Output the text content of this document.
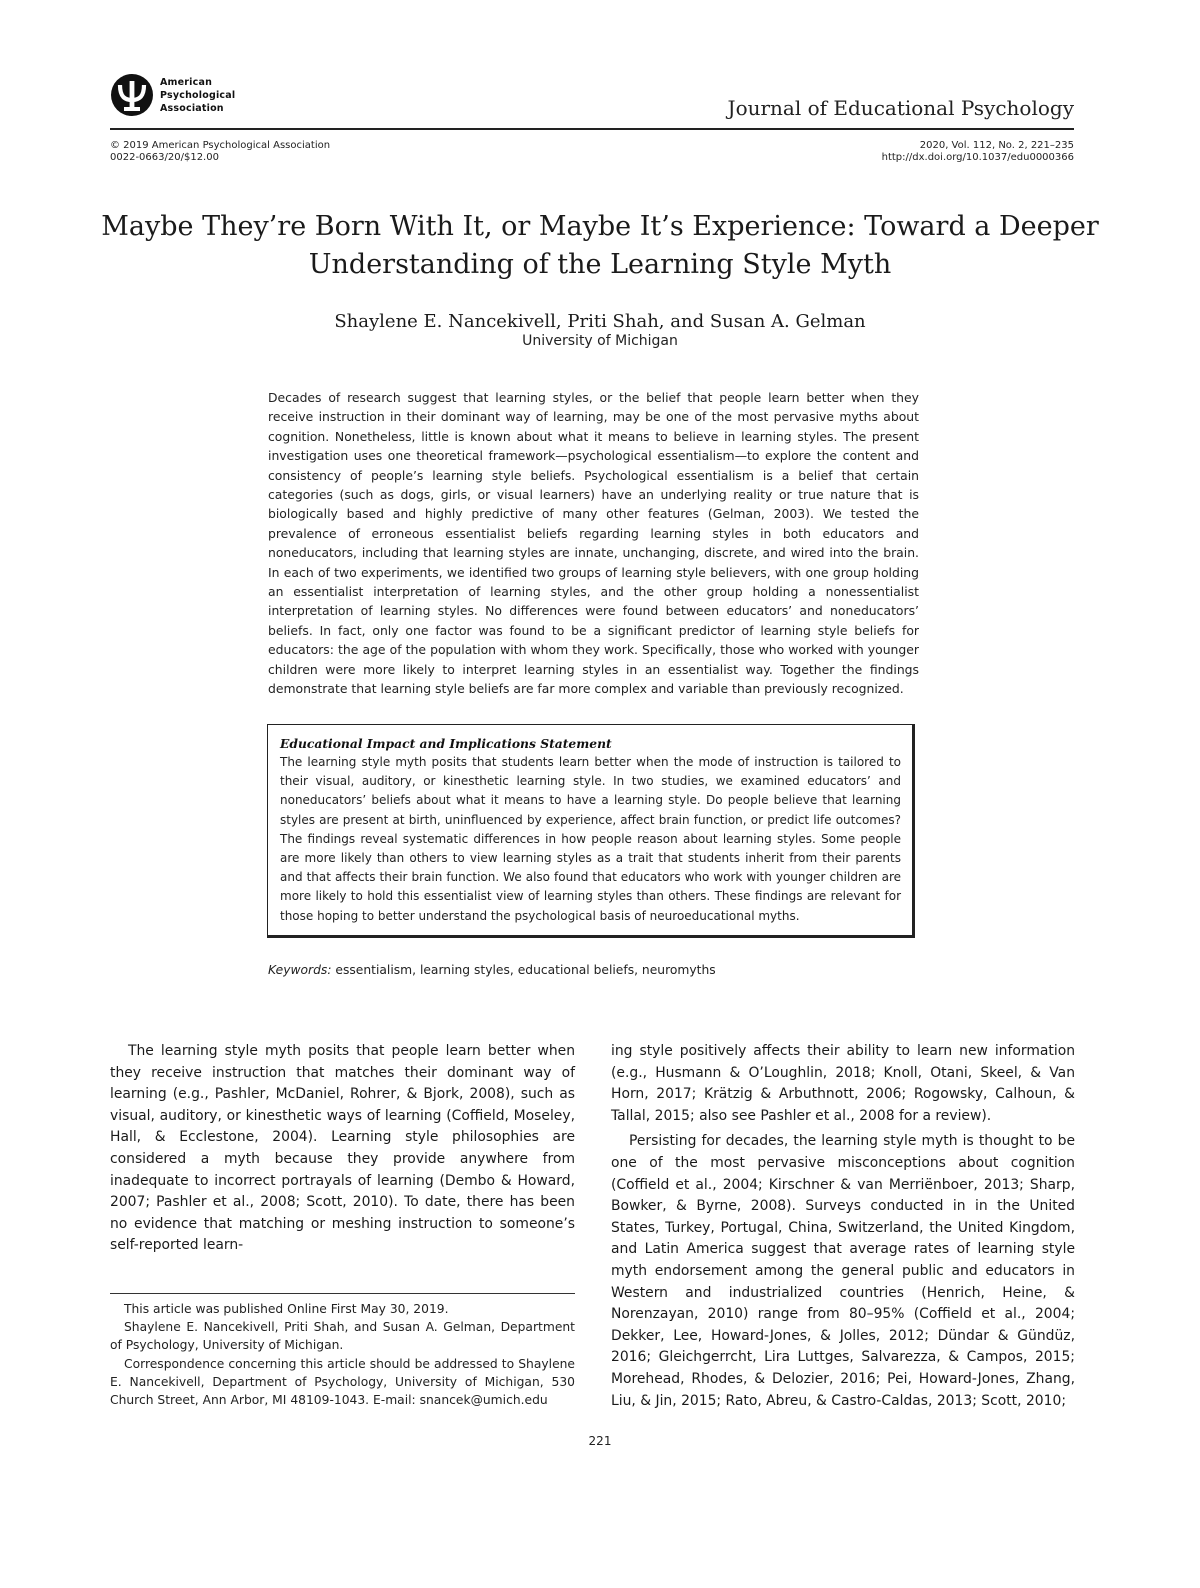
American
Psychological
Association	Journal of Educational Psychology
© 2019 American Psychological Association
0022-0663/20/$12.00
2020, Vol. 112, No. 2, 221–235
http://dx.doi.org/10.1037/edu0000366
Maybe They’re Born With It, or Maybe It’s Experience: Toward a Deeper
Understanding of the Learning Style Myth
Shaylene E. Nancekivell, Priti Shah, and Susan A. Gelman
University of Michigan

Decades of research suggest that learning styles, or the belief that people learn better when they receive instruction in their dominant way of learning, may be one of the most pervasive myths about cognition. Nonetheless, little is known about what it means to believe in learning styles. The present investigation uses one theoretical framework—psychological essentialism—to explore the content and consistency of people’s learning style beliefs. Psychological essentialism is a belief that certain categories (such as dogs, girls, or visual learners) have an underlying reality or true nature that is biologically based and highly predictive of many other features (Gelman, 2003). We tested the prevalence of erroneous essentialist beliefs regarding learning styles in both educators and noneducators, including that learning styles are innate, unchanging, discrete, and wired into the brain. In each of two experiments, we identified two groups of learning style believers, with one group holding an essentialist interpretation of learning styles, and the other group holding a nonessentialist interpretation of learning styles. No differences were found between educators’ and noneducators’ beliefs. In fact, only one factor was found to be a significant predictor of learning style beliefs for educators: the age of the population with whom they work. Specifically, those who worked with younger children were more likely to interpret learning styles in an essentialist way. Together the findings demonstrate that learning style beliefs are far more complex and variable than previously recognized.

Educational Impact and Implications Statement

The learning style myth posits that students learn better when the mode of instruction is tailored to their visual, auditory, or kinesthetic learning style. In two studies, we examined educators’ and noneducators’ beliefs about what it means to have a learning style. Do people believe that learning styles are present at birth, uninfluenced by experience, affect brain function, or predict life outcomes? The findings reveal systematic differences in how people reason about learning styles. Some people are more likely than others to view learning styles as a trait that students inherit from their parents and that affects their brain function. We also found that educators who work with younger children are more likely to hold this essentialist view of learning styles than others. These findings are relevant for those hoping to better understand the psychological basis of neuroeducational myths.

Keywords: essentialism, learning styles, educational beliefs, neuromyths

The learning style myth posits that people learn better when they receive instruction that matches their dominant way of learning (e.g., Pashler, McDaniel, Rohrer, & Bjork, 2008), such as visual, auditory, or kinesthetic ways of learning (Coffield, Moseley, Hall, & Ecclestone, 2004). Learning style philosophies are considered a myth because they provide anywhere from inadequate to incorrect portrayals of learning (Dembo & Howard, 2007; Pashler et al., 2008; Scott, 2010). To date, there has been no evidence that matching or meshing instruction to someone’s self-reported learn-

ing style positively affects their ability to learn new information (e.g., Husmann & O’Loughlin, 2018; Knoll, Otani, Skeel, & Van Horn, 2017; Krätzig & Arbuthnott, 2006; Rogowsky, Calhoun, & Tallal, 2015; also see Pashler et al., 2008 for a review).

Persisting for decades, the learning style myth is thought to be one of the most pervasive misconceptions about cognition (Coffield et al., 2004; Kirschner & van Merriënboer, 2013; Sharp, Bowker, & Byrne, 2008). Surveys conducted in in the United States, Turkey, Portugal, China, Switzerland, the United Kingdom, and Latin America suggest that average rates of learning style myth endorsement among the general public and educators in Western and industrialized countries (Henrich, Heine, & Norenzayan, 2010) range from 80–95% (Coffield et al., 2004; Dekker, Lee, Howard-Jones, & Jolles, 2012; Dündar & Gündüz, 2016; Gleichgerrcht, Lira Luttges, Salvarezza, & Campos, 2015; Morehead, Rhodes, & Delozier, 2016; Pei, Howard-Jones, Zhang, Liu, & Jin, 2015; Rato, Abreu, & Castro-Caldas, 2013; Scott, 2010;

This article was published Online First May 30, 2019.

Shaylene E. Nancekivell, Priti Shah, and Susan A. Gelman, Department of Psychology, University of Michigan.

Correspondence concerning this article should be addressed to Shaylene E. Nancekivell, Department of Psychology, University of Michigan, 530 Church Street, Ann Arbor, MI 48109-1043. E-mail: snancek@umich.edu

221
